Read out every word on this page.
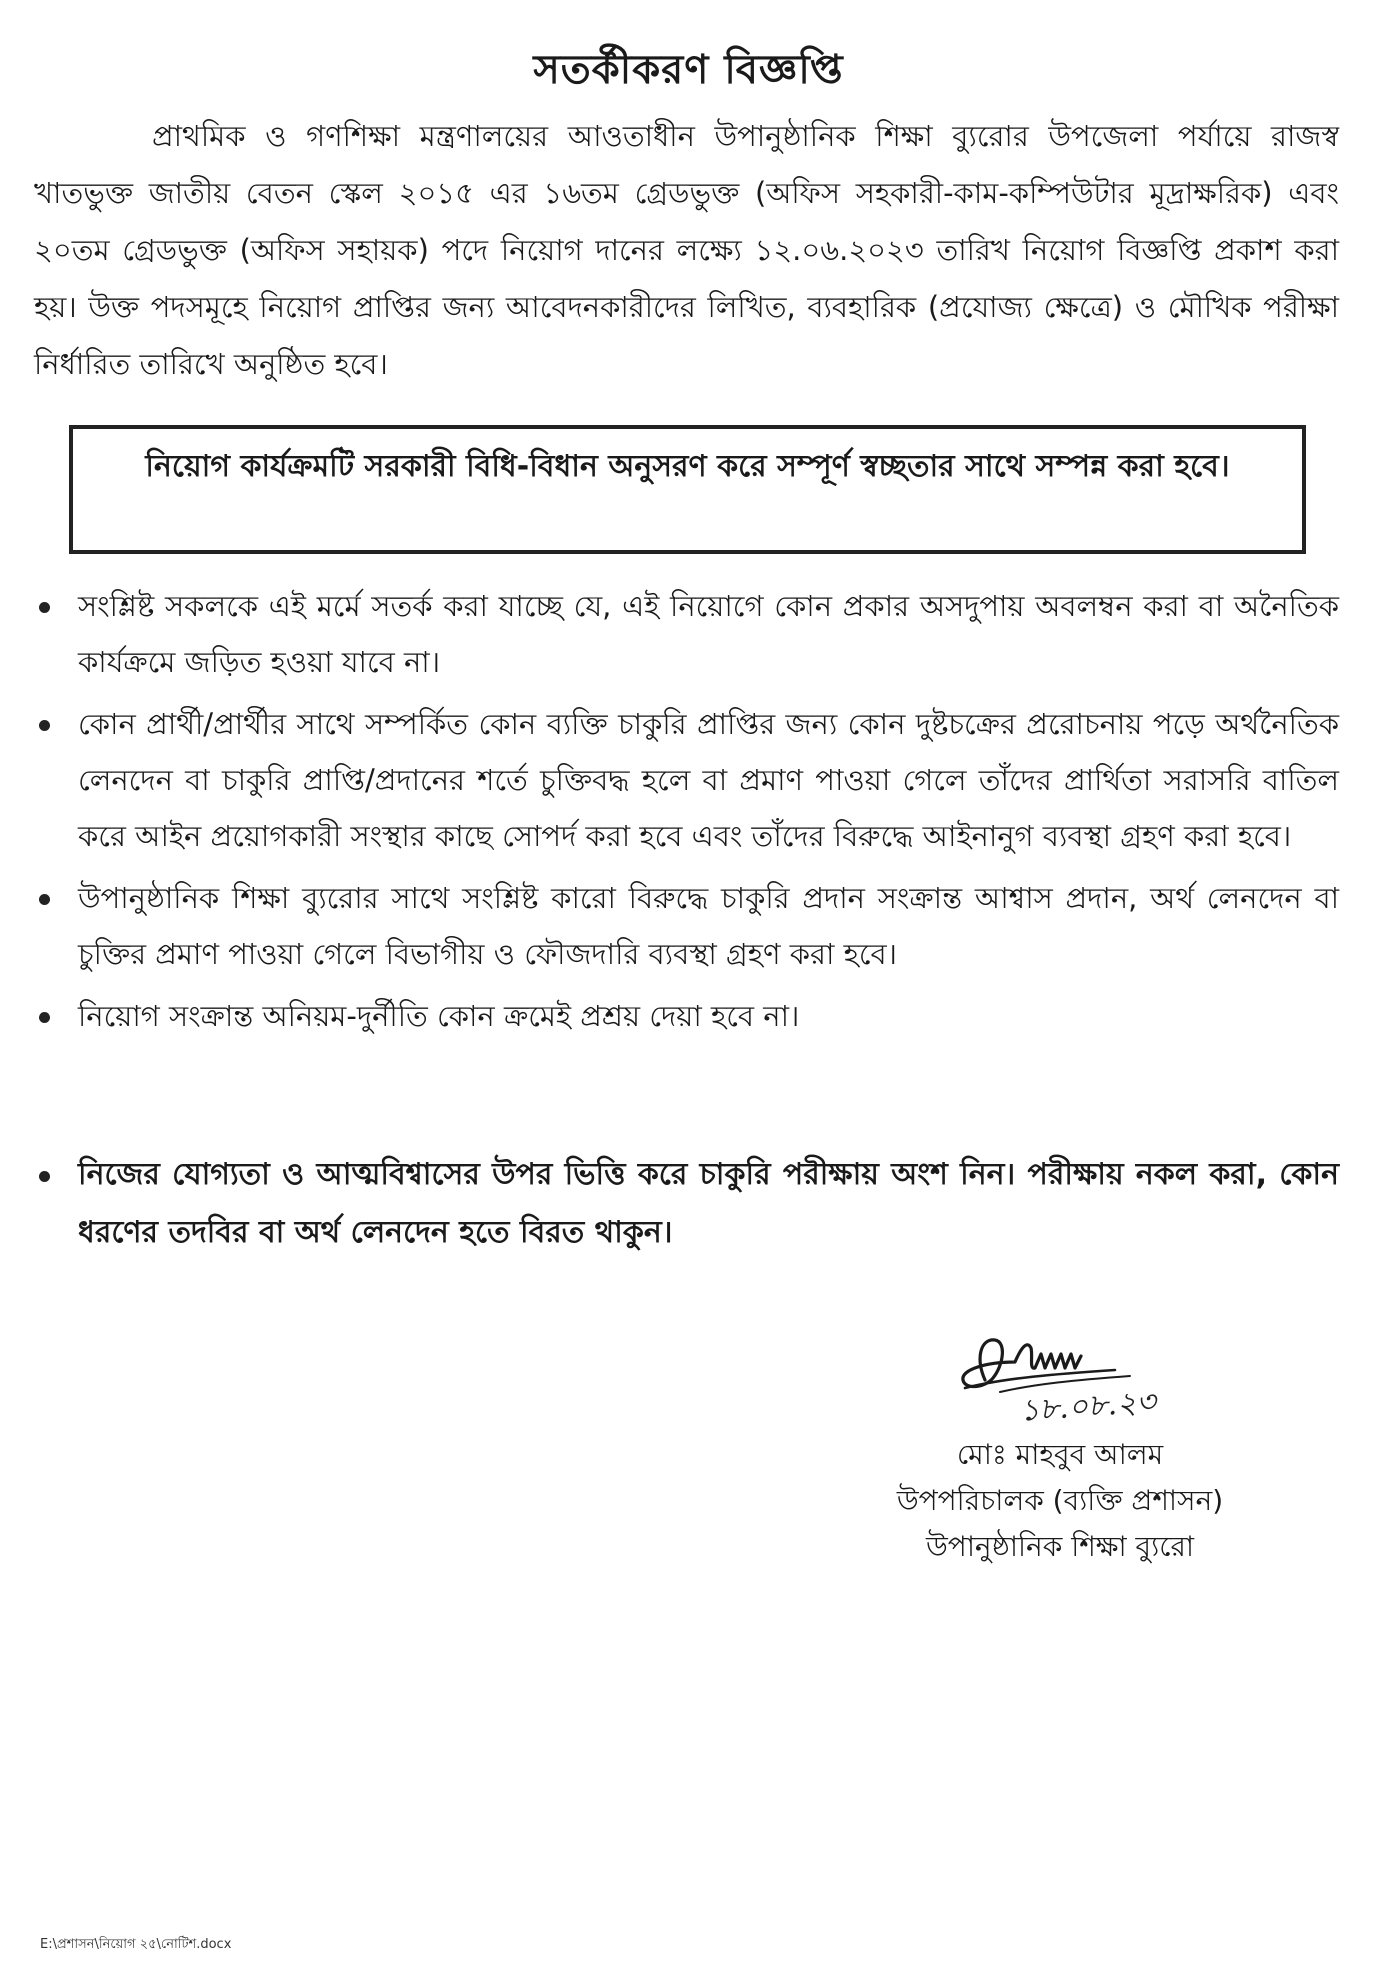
সতর্কীকরণ বিজ্ঞপ্তি

প্রাথমিক ও গণশিক্ষা মন্ত্রণালয়ের আওতাধীন উপানুষ্ঠানিক শিক্ষা ব্যুরোর উপজেলা পর্যায়ে রাজস্ব খাতভুক্ত জাতীয় বেতন স্কেল ২০১৫ এর ১৬তম গ্রেডভুক্ত (অফিস সহকারী-কাম-কম্পিউটার মূদ্রাক্ষরিক) এবং ২০তম গ্রেডভুক্ত (অফিস সহায়ক) পদে নিয়োগ দানের লক্ষ্যে ১২.০৬.২০২৩ তারিখ নিয়োগ বিজ্ঞপ্তি প্রকাশ করা হয়। উক্ত পদসমূহে নিয়োগ প্রাপ্তির জন্য আবেদনকারীদের লিখিত, ব্যবহারিক (প্রযোজ্য ক্ষেত্রে) ও মৌখিক পরীক্ষা নির্ধারিত তারিখে অনুষ্ঠিত হবে।

নিয়োগ কার্যক্রমটি সরকারী বিধি-বিধান অনুসরণ করে সম্পূর্ণ স্বচ্ছতার সাথে সম্পন্ন করা হবে।
সংশ্লিষ্ট সকলকে এই মর্মে সতর্ক করা যাচ্ছে যে, এই নিয়োগে কোন প্রকার অসদুপায় অবলম্বন করা বা অনৈতিক কার্যক্রমে জড়িত হওয়া যাবে না।
কোন প্রার্থী/প্রার্থীর সাথে সম্পর্কিত কোন ব্যক্তি চাকুরি প্রাপ্তির জন্য কোন দুষ্টচক্রের প্ররোচনায় পড়ে অর্থনৈতিক লেনদেন বা চাকুরি প্রাপ্তি/প্রদানের শর্তে চুক্তিবদ্ধ হলে বা প্রমাণ পাওয়া গেলে তাঁদের প্রার্থিতা সরাসরি বাতিল করে আইন প্রয়োগকারী সংস্থার কাছে সোপর্দ করা হবে এবং তাঁদের বিরুদ্ধে আইনানুগ ব্যবস্থা গ্রহণ করা হবে।
উপানুষ্ঠানিক শিক্ষা ব্যুরোর সাথে সংশ্লিষ্ট কারো বিরুদ্ধে চাকুরি প্রদান সংক্রান্ত আশ্বাস প্রদান, অর্থ লেনদেন বা চুক্তির প্রমাণ পাওয়া গেলে বিভাগীয় ও ফৌজদারি ব্যবস্থা গ্রহণ করা হবে।
নিয়োগ সংক্রান্ত অনিয়ম-দুর্নীতি কোন ক্রমেই প্রশ্রয় দেয়া হবে না।
নিজের যোগ্যতা ও আত্মবিশ্বাসের উপর ভিত্তি করে চাকুরি পরীক্ষায় অংশ নিন। পরীক্ষায় নকল করা, কোন ধরণের তদবির বা অর্থ লেনদেন হতে বিরত থাকুন।
১৮.০৮.২৩
মোঃ মাহবুব আলম
উপপরিচালক (ব্যক্তি প্রশাসন)
উপানুষ্ঠানিক শিক্ষা ব্যুরো
E:\প্রশাসন\নিয়োগ ২৫\নোটিশ.docx
